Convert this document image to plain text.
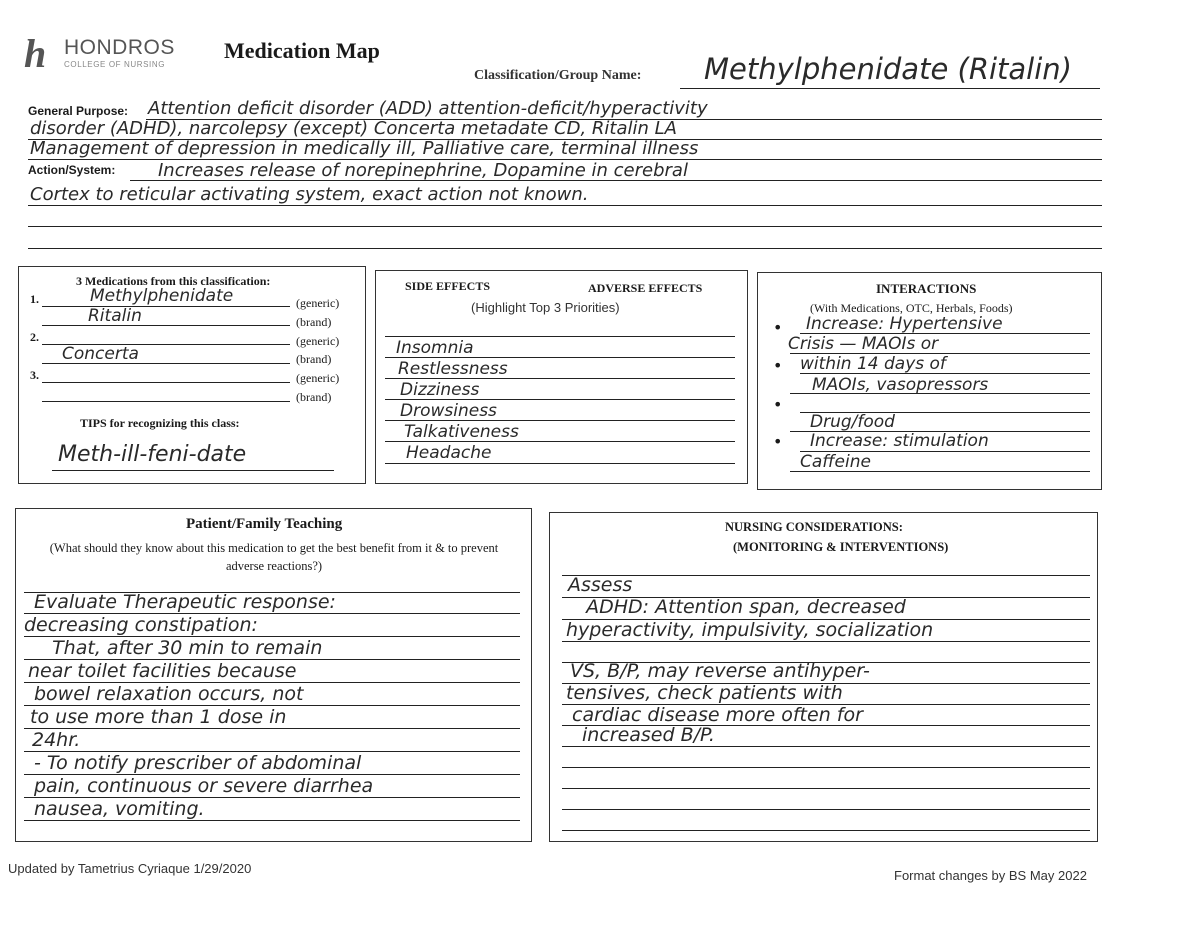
h HONDROS
COLLEGE OF NURSING
Medication Map
Classification/Group Name: Methylphenidate (Ritalin)
General Purpose: Attention deficit disorder (ADD) attention-deficit/hyperactivity
disorder (ADHD), narcolepsy (except) Concerta metadate CD, Ritalin LA
Management of depression in medically ill, Palliative care, terminal illness
Action/System: Increases release of norepinephrine, Dopamine in cerebral
Cortex to reticular activating system, exact action not known.
3 Medications from this classification:
1.	Methylphenidate	(generic)
Ritalin	(brand)
2.	(generic)
Concerta	(brand)
3.	(generic)
(brand)
TIPS for recognizing this class:
Meth-ill-feni-date
SIDE EFFECTS	ADVERSE EFFECTS
(Highlight Top 3 Priorities)
Insomnia
Restlessness
Dizziness
Drowsiness
Talkativeness
Headache
INTERACTIONS
(With Medications, OTC, Herbals, Foods)
• Increase: Hypertensive
Crisis — MAOIs or
• within 14 days of
MAOIs, vasopressors
•
Drug/food
• Increase: stimulation
Caffeine
Patient/Family Teaching
(What should they know about this medication to get the best benefit from it & to prevent adverse reactions?)
Evaluate Therapeutic response:
decreasing constipation:
That, after 30 min to remain
near toilet facilities because
bowel relaxation occurs, not
to use more than 1 dose in
24hr.
- To notify prescriber of abdominal
pain, continuous or severe diarrhea
nausea, vomiting.
NURSING CONSIDERATIONS:
(MONITORING & INTERVENTIONS)
Assess
ADHD: Attention span, decreased
hyperactivity, impulsivity, socialization
VS, B/P, may reverse antihyper-
tensives, check patients with
cardiac disease more often for
increased B/P.
Updated by Tametrius Cyriaque 1/29/2020	Format changes by BS May 2022
